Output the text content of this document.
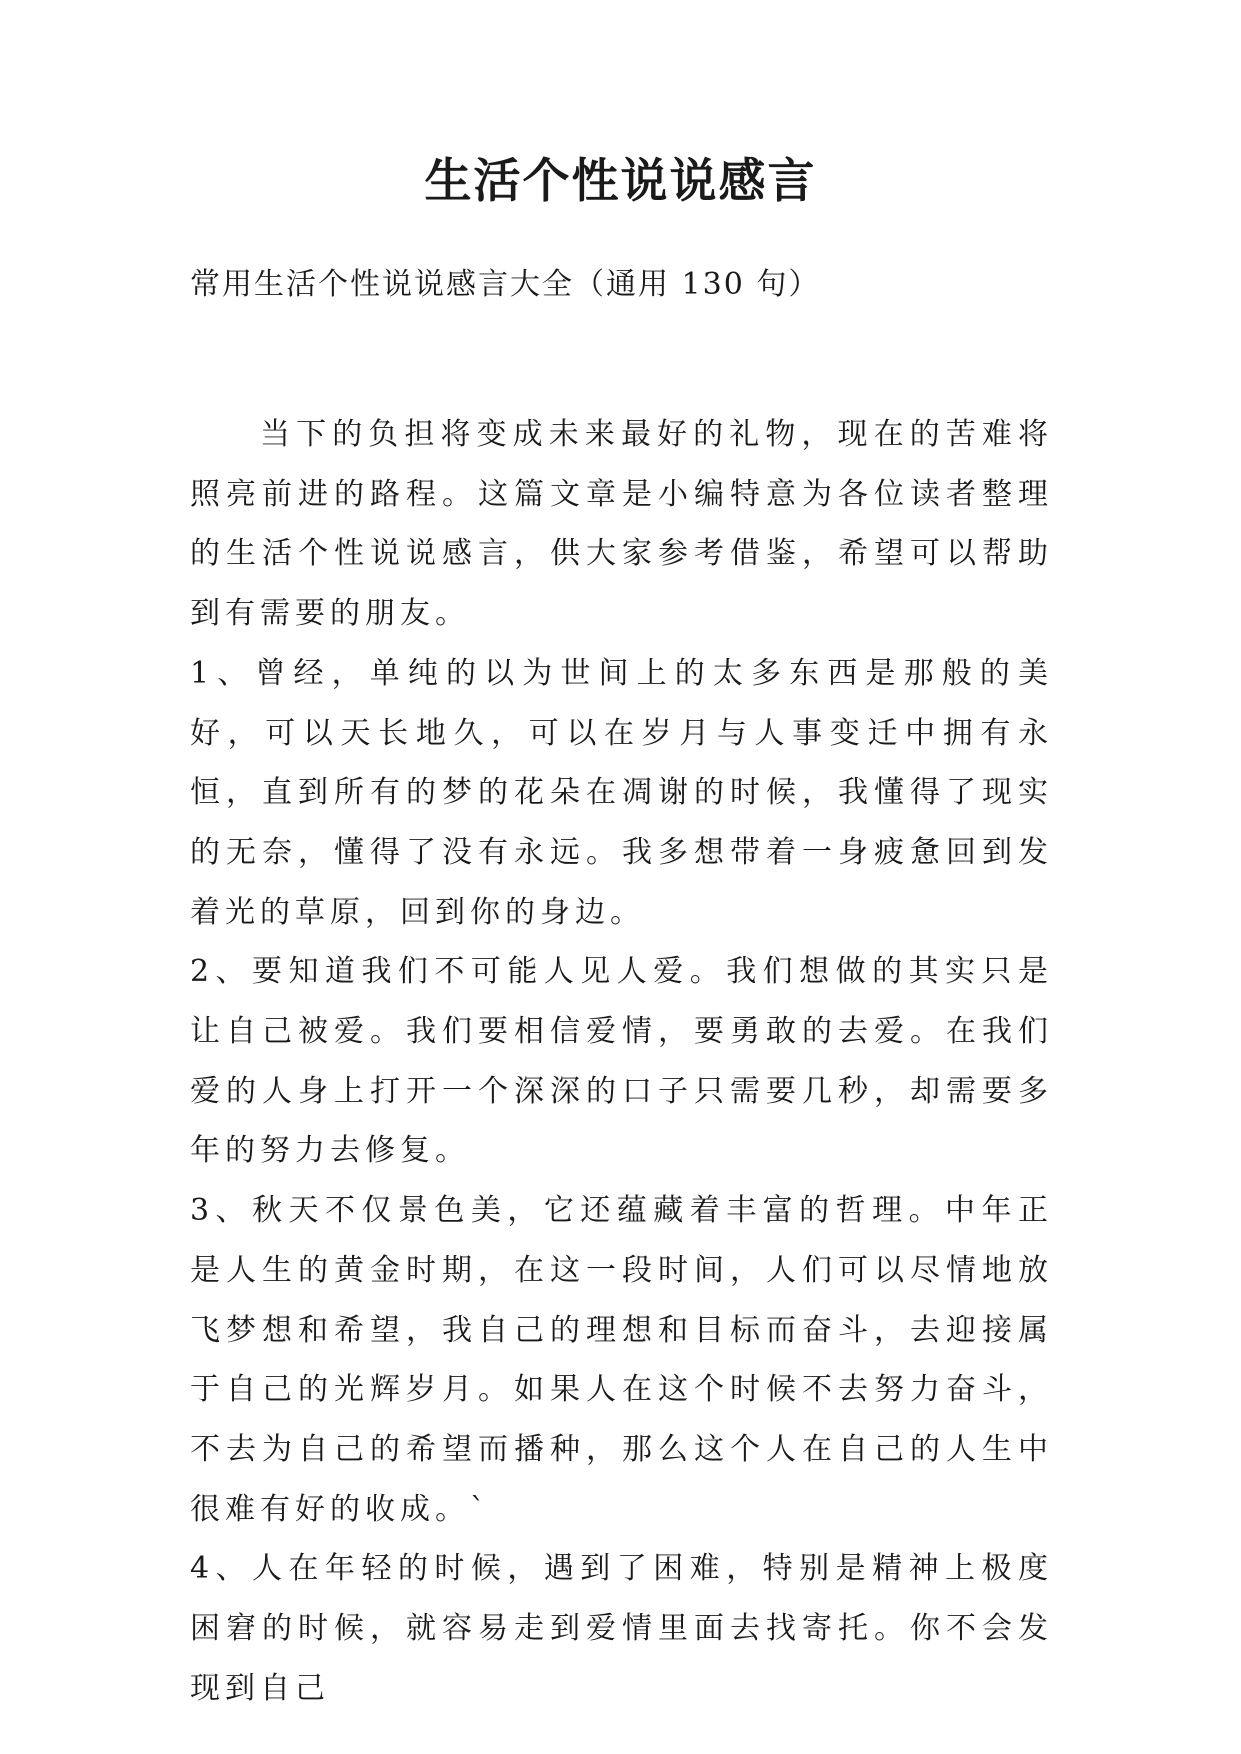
生活个性说说感言

常用生活个性说说感言大全（通用 130 句）

当下的负担将变成未来最好的礼物，现在的苦难将照亮前进的路程。这篇文章是小编特意为各位读者整理的生活个性说说感言，供大家参考借鉴，希望可以帮助到有需要的朋友。

1、曾经，单纯的以为世间上的太多东西是那般的美好，可以天长地久，可以在岁月与人事变迁中拥有永恒，直到所有的梦的花朵在凋谢的时候，我懂得了现实的无奈，懂得了没有永远。我多想带着一身疲惫回到发着光的草原，回到你的身边。

2、要知道我们不可能人见人爱。我们想做的其实只是让自己被爱。我们要相信爱情，要勇敢的去爱。在我们爱的人身上打开一个深深的口子只需要几秒，却需要多年的努力去修复。

3、秋天不仅景色美，它还蕴藏着丰富的哲理。中年正是人生的黄金时期，在这一段时间，人们可以尽情地放飞梦想和希望，我自己的理想和目标而奋斗，去迎接属于自己的光辉岁月。如果人在这个时候不去努力奋斗，不去为自己的希望而播种，那么这个人在自己的人生中很难有好的收成。`

4、人在年轻的时候，遇到了困难，特别是精神上极度困窘的时候，就容易走到爱情里面去找寄托。你不会发现到自己
